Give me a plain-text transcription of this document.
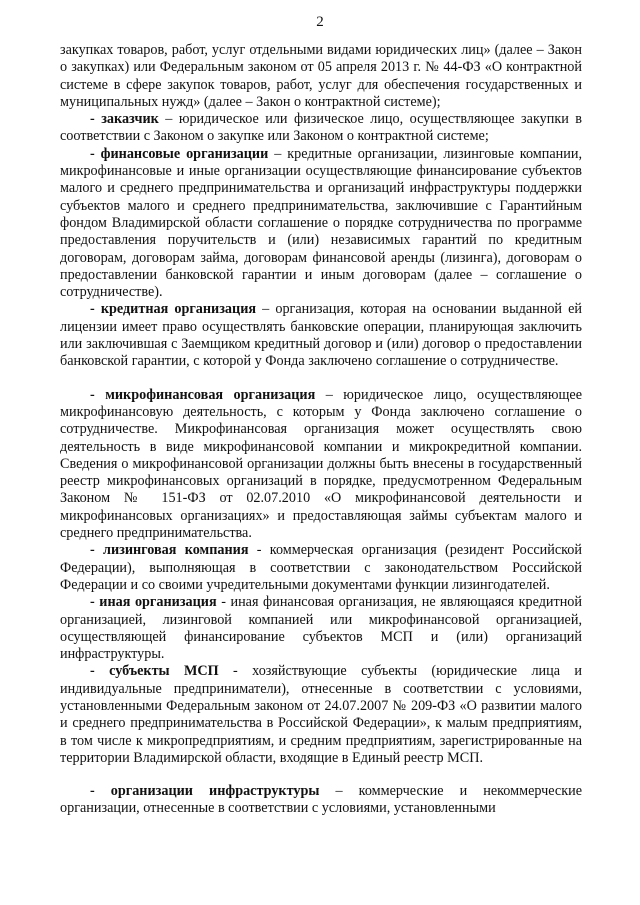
2

закупках товаров, работ, услуг отдельными видами юридических лиц» (далее – Закон о закупках) или Федеральным законом от 05 апреля 2013 г. № 44-ФЗ «О контрактной системе в сфере закупок товаров, работ, услуг для обеспечения государственных и муниципальных нужд» (далее – Закон о контрактной системе);

- заказчик – юридическое или физическое лицо, осуществляющее закупки в соответствии с Законом о закупке или Законом о контрактной системе;

- финансовые организации – кредитные организации, лизинговые компании, микрофинансовые и иные организации осуществляющие финансирование субъектов малого и среднего предпринимательства и организаций инфраструктуры поддержки субъектов малого и среднего предпринимательства, заключившие с Гарантийным фондом Владимирской области соглашение о порядке сотрудничества по программе предоставления поручительств и (или) независимых гарантий по кредитным договорам, договорам займа, договорам финансовой аренды (лизинга), договорам о предоставлении банковской гарантии и иным договорам (далее – соглашение о сотрудничестве).

- кредитная организация – организация, которая на основании выданной ей лицензии имеет право осуществлять банковские операции, планирующая заключить или заключившая с Заемщиком кредитный договор и (или) договор о предоставлении банковской гарантии, с которой у Фонда заключено соглашение о сотрудничестве.

- микрофинансовая организация – юридическое лицо, осуществляющее микрофинансовую деятельность, с которым у Фонда заключено соглашение о сотрудничестве. Микрофинансовая организация может осуществлять свою деятельность в виде микрофинансовой компании и микрокредитной компании. Сведения о микрофинансовой организации должны быть внесены в государственный реестр микрофинансовых организаций в порядке, предусмотренном Федеральным Законом № 151-ФЗ от 02.07.2010 «О микрофинансовой деятельности и микрофинансовых организациях» и предоставляющая займы субъектам малого и среднего предпринимательства.

- лизинговая компания - коммерческая организация (резидент Российской Федерации), выполняющая в соответствии с законодательством Российской Федерации и со своими учредительными документами функции лизингодателей.

- иная организация - иная финансовая организация, не являющаяся кредитной организацией, лизинговой компанией или микрофинансовой организацией, осуществляющей финансирование субъектов МСП и (или) организаций инфраструктуры.

- субъекты МСП - хозяйствующие субъекты (юридические лица и индивидуальные предприниматели), отнесенные в соответствии с условиями, установленными Федеральным законом от 24.07.2007 № 209-ФЗ «О развитии малого и среднего предпринимательства в Российской Федерации», к малым предприятиям, в том числе к микропредприятиям, и средним предприятиям, зарегистрированные на территории Владимирской области, входящие в Единый реестр МСП.

- организации инфраструктуры – коммерческие и некоммерческие организации, отнесенные в соответствии с условиями, установленными
